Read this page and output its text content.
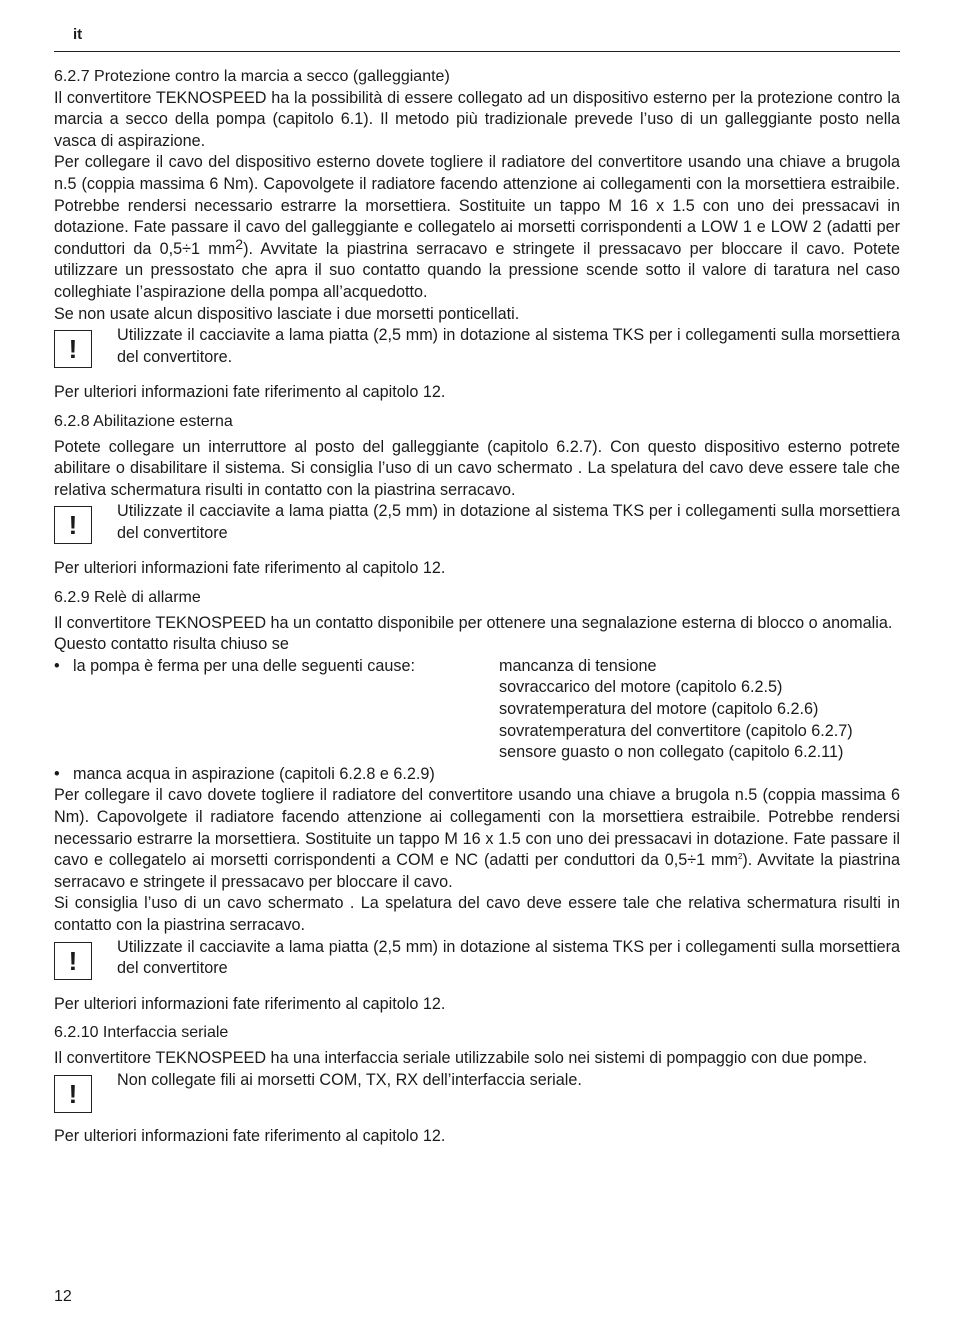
it
6.2.7 Protezione contro la marcia a secco (galleggiante)

Il convertitore TEKNOSPEED ha la possibilità di essere collegato ad un dispositivo esterno per la protezione contro la marcia a secco della pompa (capitolo 6.1). Il metodo più tradizionale prevede l’uso di un galleggiante posto nella vasca di aspirazione.

Per collegare il cavo del dispositivo esterno dovete togliere il radiatore del convertitore usando una chiave a brugola n.5 (coppia massima 6 Nm). Capovolgete il radiatore facendo attenzione ai collegamenti con la morsettiera estraibile. Potrebbe rendersi necessario estrarre la morsettiera. Sostituite un tappo M 16 x 1.5 con uno dei pressacavi in dotazione. Fate passare il cavo del galleggiante e collegatelo ai morsetti corrispondenti a LOW 1 e LOW 2 (adatti per conduttori da 0,5÷1 $mm^2$). Avvitate la piastrina serracavo e stringete il pressacavo per bloccare il cavo. Potete utilizzare un pressostato che apra il suo contatto quando la pressione scende sotto il valore di taratura nel caso colleghiate l’aspirazione della pompa all’acquedotto.

Se non usate alcun dispositivo lasciate i due morsetti ponticellati.

!	Utilizzate il cacciavite a lama piatta (2,5 mm) in dotazione al sistema TKS per i collegamenti sulla morsettiera del convertitore.

Per ulteriori informazioni fate riferimento al capitolo 12.

6.2.8 Abilitazione esterna

Potete collegare un interruttore al posto del galleggiante (capitolo 6.2.7). Con questo dispositivo esterno potrete abilitare o disabilitare il sistema. Si consiglia l’uso di un cavo schermato . La spelatura del cavo deve essere tale che relativa schermatura risulti in contatto con la piastrina serracavo.

!	Utilizzate il cacciavite a lama piatta (2,5 mm) in dotazione al sistema TKS per i collegamenti sulla morsettiera del convertitore

Per ulteriori informazioni fate riferimento al capitolo 12.

6.2.9 Relè di allarme

Il convertitore TEKNOSPEED ha un contatto disponibile per ottenere una segnalazione esterna di blocco o anomalia.

Questo contatto risulta chiuso se

• la pompa è ferma per una delle seguenti cause:	mancanza di tensione
sovraccarico del motore (capitolo 6.2.5)
sovratemperatura del motore (capitolo 6.2.6)
sovratemperatura del convertitore (capitolo 6.2.7)
sensore guasto o non collegato (capitolo 6.2.11)
• manca acqua in aspirazione (capitoli 6.2.8 e 6.2.9)

Per collegare il cavo dovete togliere il radiatore del convertitore usando una chiave a brugola n.5 (coppia massima 6 Nm). Capovolgete il radiatore facendo attenzione ai collegamenti con la morsettiera estraibile. Potrebbe rendersi necessario estrarre la morsettiera. Sostituite un tappo M 16 x 1.5 con uno dei pressacavi in dotazione. Fate passare il cavo e collegatelo ai morsetti corrispondenti a COM e NC (adatti per conduttori da 0,5÷1 $mm^2$). Avvitate la piastrina serracavo e stringete il pressacavo per bloccare il cavo.

Si consiglia l’uso di un cavo schermato . La spelatura del cavo deve essere tale che relativa schermatura risulti in contatto con la piastrina serracavo.

!	Utilizzate il cacciavite a lama piatta (2,5 mm) in dotazione al sistema TKS per i collegamenti sulla morsettiera del convertitore

Per ulteriori informazioni fate riferimento al capitolo 12.

6.2.10 Interfaccia seriale

Il convertitore TEKNOSPEED ha una interfaccia seriale utilizzabile solo nei sistemi di pompaggio con due pompe.

!	Non collegate fili ai morsetti COM, TX, RX dell’interfaccia seriale.

Per ulteriori informazioni fate riferimento al capitolo 12.

12
